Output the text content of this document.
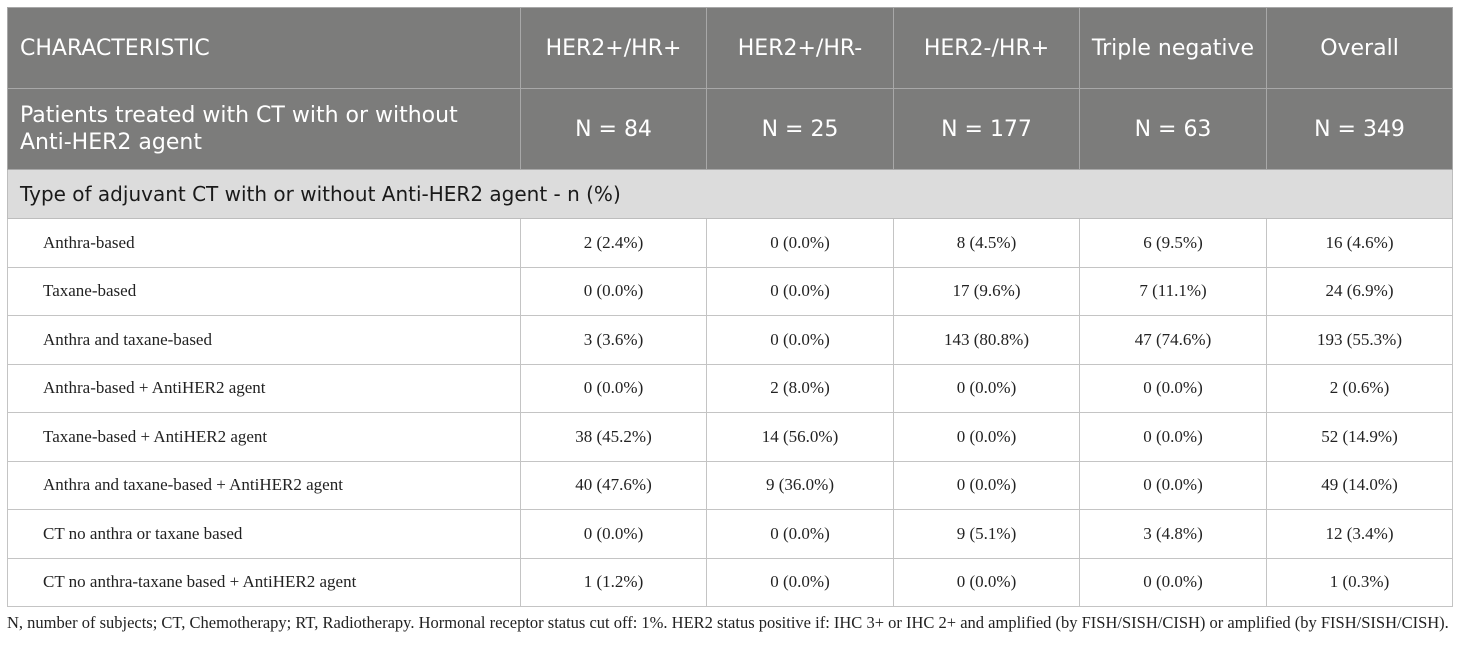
CHARACTERISTIC	HER2+/HR+	HER2+/HR-	HER2-/HR+	Triple negative	Overall
Patients treated with CT with or without Anti-HER2 agent	N = 84	N = 25	N = 177	N = 63	N = 349
Type of adjuvant CT with or without Anti-HER2 agent - n (%)					
Anthra-based	2 (2.4%)	0 (0.0%)	8 (4.5%)	6 (9.5%)	16 (4.6%)
Taxane-based	0 (0.0%)	0 (0.0%)	17 (9.6%)	7 (11.1%)	24 (6.9%)
Anthra and taxane-based	3 (3.6%)	0 (0.0%)	143 (80.8%)	47 (74.6%)	193 (55.3%)
Anthra-based + AntiHER2 agent	0 (0.0%)	2 (8.0%)	0 (0.0%)	0 (0.0%)	2 (0.6%)
Taxane-based + AntiHER2 agent	38 (45.2%)	14 (56.0%)	0 (0.0%)	0 (0.0%)	52 (14.9%)
Anthra and taxane-based + AntiHER2 agent	40 (47.6%)	9 (36.0%)	0 (0.0%)	0 (0.0%)	49 (14.0%)
CT no anthra or taxane based	0 (0.0%)	0 (0.0%)	9 (5.1%)	3 (4.8%)	12 (3.4%)
CT no anthra-taxane based + AntiHER2 agent	1 (1.2%)	0 (0.0%)	0 (0.0%)	0 (0.0%)	1 (0.3%)
N, number of subjects; CT, Chemotherapy; RT, Radiotherapy. Hormonal receptor status cut off: 1%. HER2 status positive if: IHC 3+ or IHC 2+ and amplified (by FISH/SISH/CISH) or amplified (by FISH/SISH/CISH).
